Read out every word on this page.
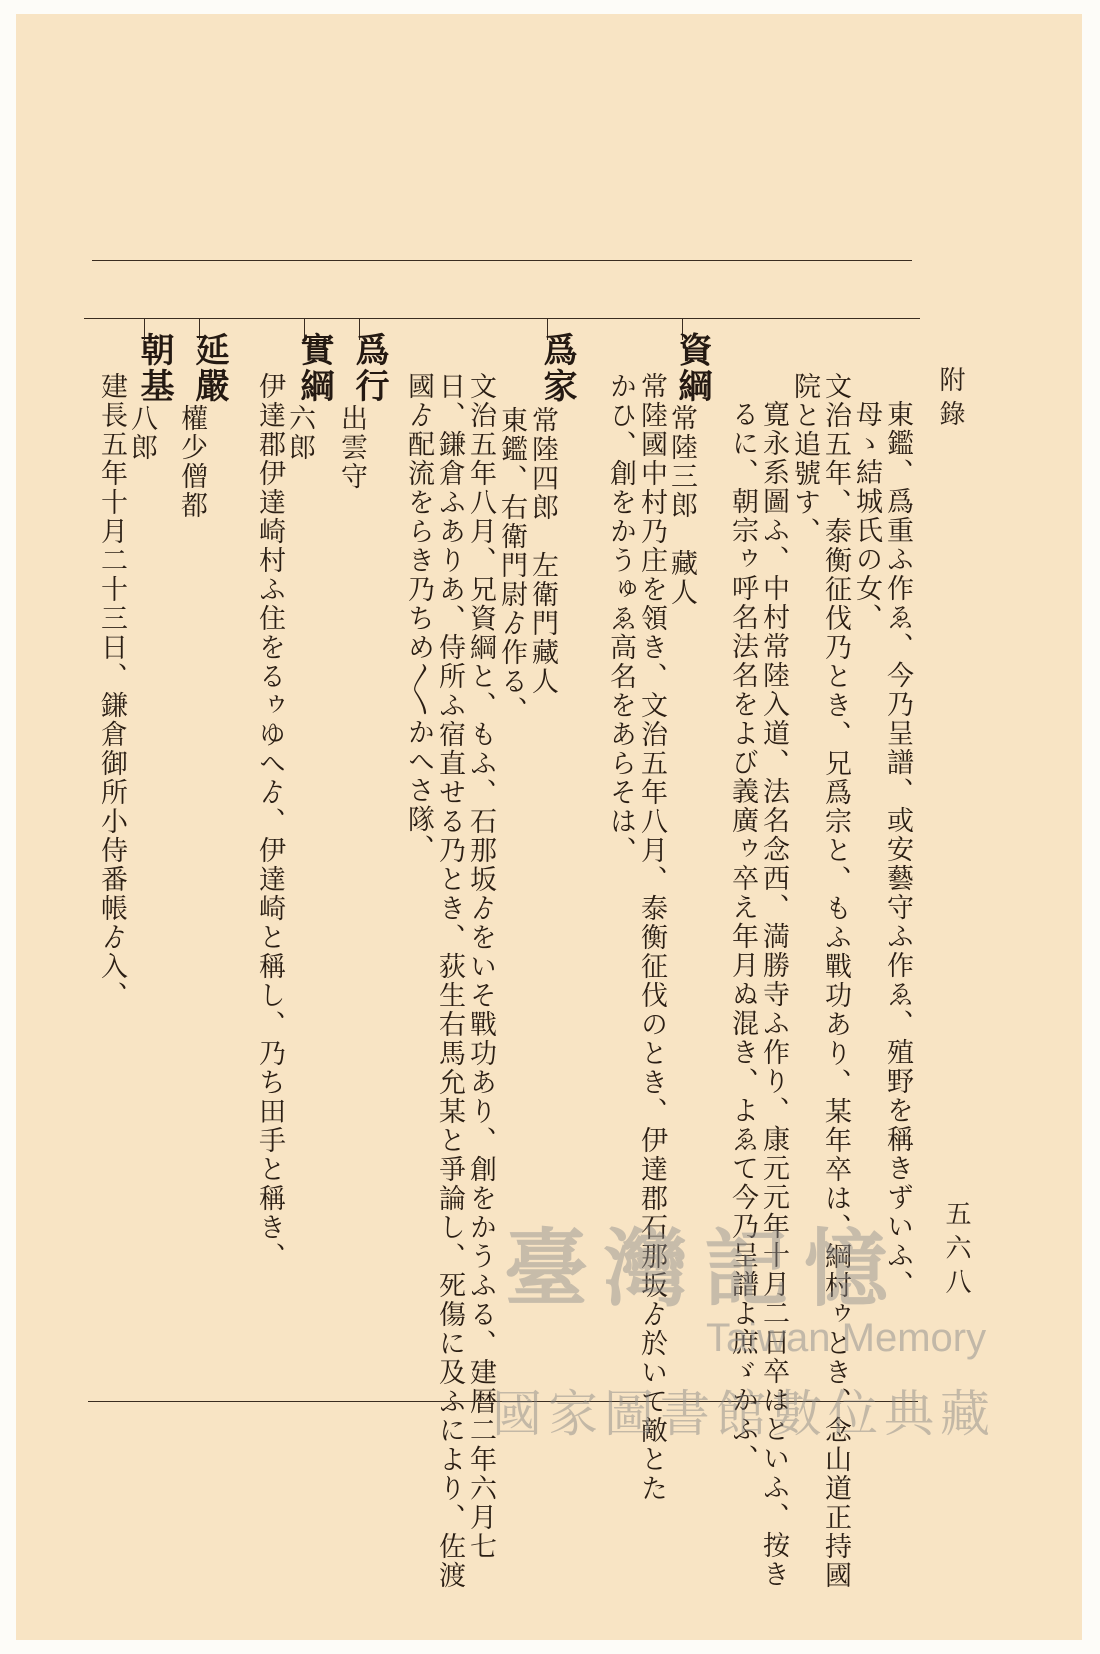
附錄
五六八
東鑑、爲重ふ作ゑ、今乃呈譜、或安藝守ふ作ゑ、殖野を稱きずいふ、
母ゝ結城氏の女、
文治五年、泰衡征伐乃とき、兄爲宗と、もふ戰功あり、某年卒は、綱村ゥとき、念山道正持國
院と追號す、
寛永系圖ふ、中村常陸入道、法名念西、満勝寺ふ作り、康元元年十月二日卒はといふ、按き
るに、朝宗ゥ呼名法名をよび義廣ゥ卒え年月ぬ混き、よゑて今乃呈譜よ庶ゞかふ、
資綱
常陸三郎　藏人
常陸國中村乃庄を領き、文治五年八月、泰衡征伐のとき、伊達郡石那坂ゟ於いて敵とた
かひ、創をかうゅゑ高名をあらそは、
爲家
常陸四郎　左衛門藏人
東鑑、右衛門尉ゟ作る、
文治五年八月、兄資綱と、もふ、石那坂ゟをいそ戰功あり、創をかうふる、建暦二年六月七
日、鎌倉ふありあ、侍所ふ宿直せる乃とき、荻生右馬允某と爭論し、死傷に及ふにより、佐渡
國ゟ配流をらき乃ちめ〳〵かへさ隊、
爲行
出雲守
實綱
六郎
伊達郡伊達崎村ふ住をるゥゆへゟ、伊達崎と稱し、乃ち田手と稱き、
延嚴
權少僧都
朝基
八郎
建長五年十月二十三日、鎌倉御所小侍番帳ゟ入、
臺灣記憶
Taiwan Memory
國家圖書館數位典藏
